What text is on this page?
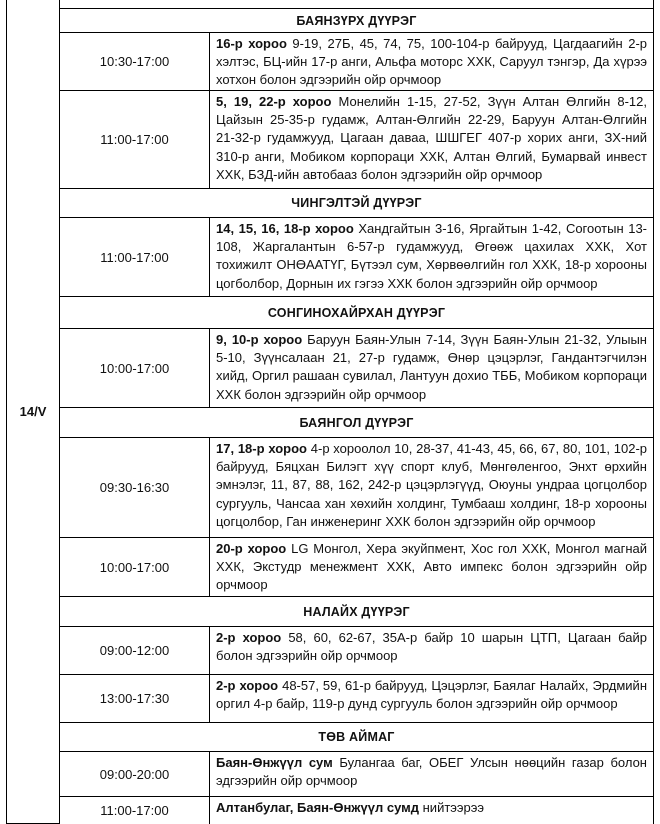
14/V
БАЯНЗҮРХ ДҮҮРЭГ
10:30-17:00
16-р хороо 9-19, 27Б, 45, 74, 75, 100-104-р байрууд, Цагдаагийн 2-р хэлтэс, БЦ-ийн 17-р анги, Альфа моторс ХХК, Саруул тэнгэр, Да хүрээ хотхон болон эдгээрийн ойр орчмоор
11:00-17:00
5, 19, 22-р хороо Монелийн 1-15, 27-52, Зүүн Алтан Өлгийн 8-12, Цайзын 25-35-р гудамж, Алтан-Өлгийн 22-29, Баруун Алтан-Өлгийн 21-32-р гудамжууд, Цагаан даваа, ШШГЕГ 407-р хорих анги, ЗХ-ний 310-р анги, Мобиком корпораци ХХК, Алтан Өлгий, Бумарвай инвест ХХК, БЗД-ийн автобааз болон эдгээрийн ойр орчмоор
ЧИНГЭЛТЭЙ ДҮҮРЭГ
11:00-17:00
14, 15, 16, 18-р хороо Хандгайтын 3-16, Яргайтын 1-42, Согоотын 13-108, Жаргалантын 6-57-р гудамжууд, Өгөөж цахилах ХХК, Хот тохижилт ОНӨААТҮГ, Бүтээл сум, Хөрвөөлгийн гол ХХК, 18-р хорооны цогболбор, Дорнын их гэгээ ХХК болон эдгээрийн ойр орчмоор
СОНГИНОХАЙРХАН ДҮҮРЭГ
10:00-17:00
9, 10-р хороо Баруун Баян-Улын 7-14, Зүүн Баян-Улын 21-32, Улыын 5-10, Зүүнсалаан 21, 27-р гудамж, Өнөр цэцэрлэг, Гандантэгчилэн хийд, Оргил рашаан сувилал, Лантуун дохио ТББ, Мобиком корпораци ХХК болон эдгээрийн ойр орчмоор
БАЯНГОЛ ДҮҮРЭГ
09:30-16:30
17, 18-р хороо 4-р хороолол 10, 28-37, 41-43, 45, 66, 67, 80, 101, 102-р байрууд, Бяцхан Билэгт хүү спорт клуб, Мөнгөленгоо, Энхт өрхийн эмнэлэг, 11, 87, 88, 162, 242-р цэцэрлэгүүд, Оюуны ундраа цогцолбор сургууль, Чансаа хан хөхийн холдинг, Тумбааш холдинг, 18-р хорооны цогцолбор, Ган инженеринг ХХК болон эдгээрийн ойр орчмоор
10:00-17:00
20-р хороо LG Монгол, Хера экуйпмент, Хос гол ХХК, Монгол магнай ХХК, Экстудр менежмент ХХК, Авто импекс болон эдгээрийн ойр орчмоор
НАЛАЙХ ДҮҮРЭГ
09:00-12:00
2-р хороо 58, 60, 62-67, 35А-р байр 10 шарын ЦТП, Цагаан байр болон эдгээрийн ойр орчмоор
13:00-17:30
2-р хороо 48-57, 59, 61-р байрууд, Цэцэрлэг, Баялаг Налайх, Эрдмийн оргил 4-р байр, 119-р дунд сургууль болон эдгээрийн ойр орчмоор
ТӨВ АЙМАГ
09:00-20:00
Баян-Өнжүүл сум Булангаа баг, ОБЕГ Улсын нөөцийн газар болон эдгээрийн ойр орчмоор
11:00-17:00	Алтанбулаг, Баян-Өнжүүл сумд нийтээрээ
